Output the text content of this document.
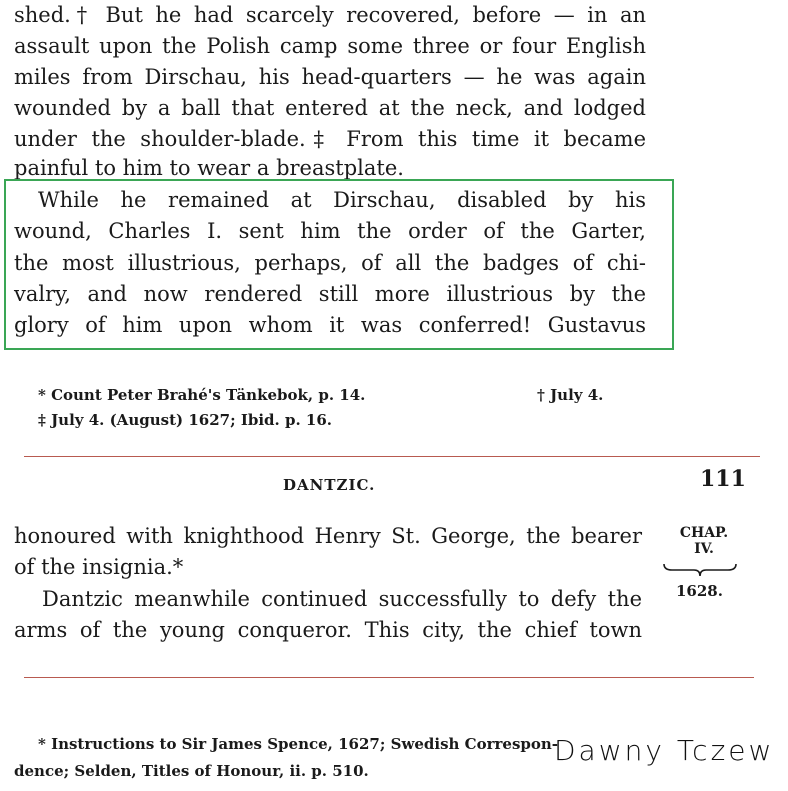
shed.† But he had scarcely recovered, before — in an
assault upon the Polish camp some three or four English
miles from Dirschau, his head-quarters — he was again
wounded by a ball that entered at the neck, and lodged
under the shoulder-blade.‡ From this time it became
painful to him to wear a breastplate.
While he remained at Dirschau, disabled by his
wound, Charles I. sent him the order of the Garter,
the most illustrious, perhaps, of all the badges of chi-
valry, and now rendered still more illustrious by the
glory of him upon whom it was conferred! Gustavus
* Count Peter Brahé's Tänkebok, p. 14.	† July 4.
‡ July 4. (August) 1627; Ibid. p. 16.
DANTZIC.	111
honoured with knighthood Henry St. George, the bearer
of the insignia.*
Dantzic meanwhile continued successfully to defy the
arms of the young conqueror. This city, the chief town
CHAP.
IV.
1628.
* Instructions to Sir James Spence, 1627; Swedish Correspon-
dence; Selden, Titles of Honour, ii. p. 510.
Dawny Tczew
